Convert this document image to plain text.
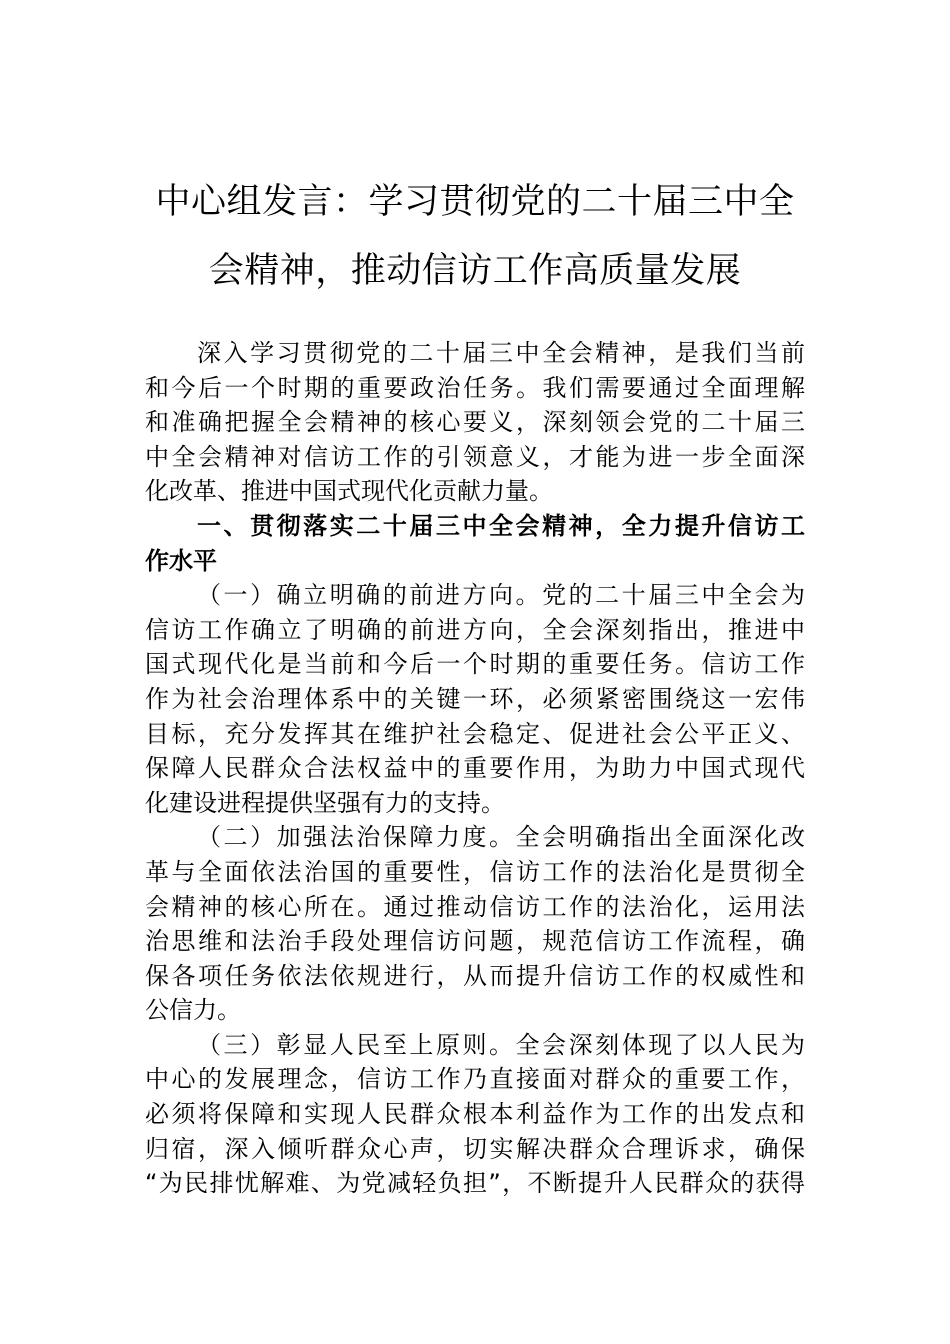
中心组发言：学习贯彻党的二十届三中全
会精神，推动信访工作高质量发展
深入学习贯彻党的二十届三中全会精神，是我们当前
和今后一个时期的重要政治任务。我们需要通过全面理解
和准确把握全会精神的核心要义，深刻领会党的二十届三
中全会精神对信访工作的引领意义，才能为进一步全面深
化改革、推进中国式现代化贡献力量。
一、贯彻落实二十届三中全会精神，全力提升信访工
作水平
（一）确立明确的前进方向。党的二十届三中全会为
信访工作确立了明确的前进方向，全会深刻指出，推进中
国式现代化是当前和今后一个时期的重要任务。信访工作
作为社会治理体系中的关键一环，必须紧密围绕这一宏伟
目标，充分发挥其在维护社会稳定、促进社会公平正义、
保障人民群众合法权益中的重要作用，为助力中国式现代
化建设进程提供坚强有力的支持。
（二）加强法治保障力度。全会明确指出全面深化改
革与全面依法治国的重要性，信访工作的法治化是贯彻全
会精神的核心所在。通过推动信访工作的法治化，运用法
治思维和法治手段处理信访问题，规范信访工作流程，确
保各项任务依法依规进行，从而提升信访工作的权威性和
公信力。
（三）彰显人民至上原则。全会深刻体现了以人民为
中心的发展理念，信访工作乃直接面对群众的重要工作，
必须将保障和实现人民群众根本利益作为工作的出发点和
归宿，深入倾听群众心声，切实解决群众合理诉求，确保
“为民排忧解难、为党减轻负担”，不断提升人民群众的获得
